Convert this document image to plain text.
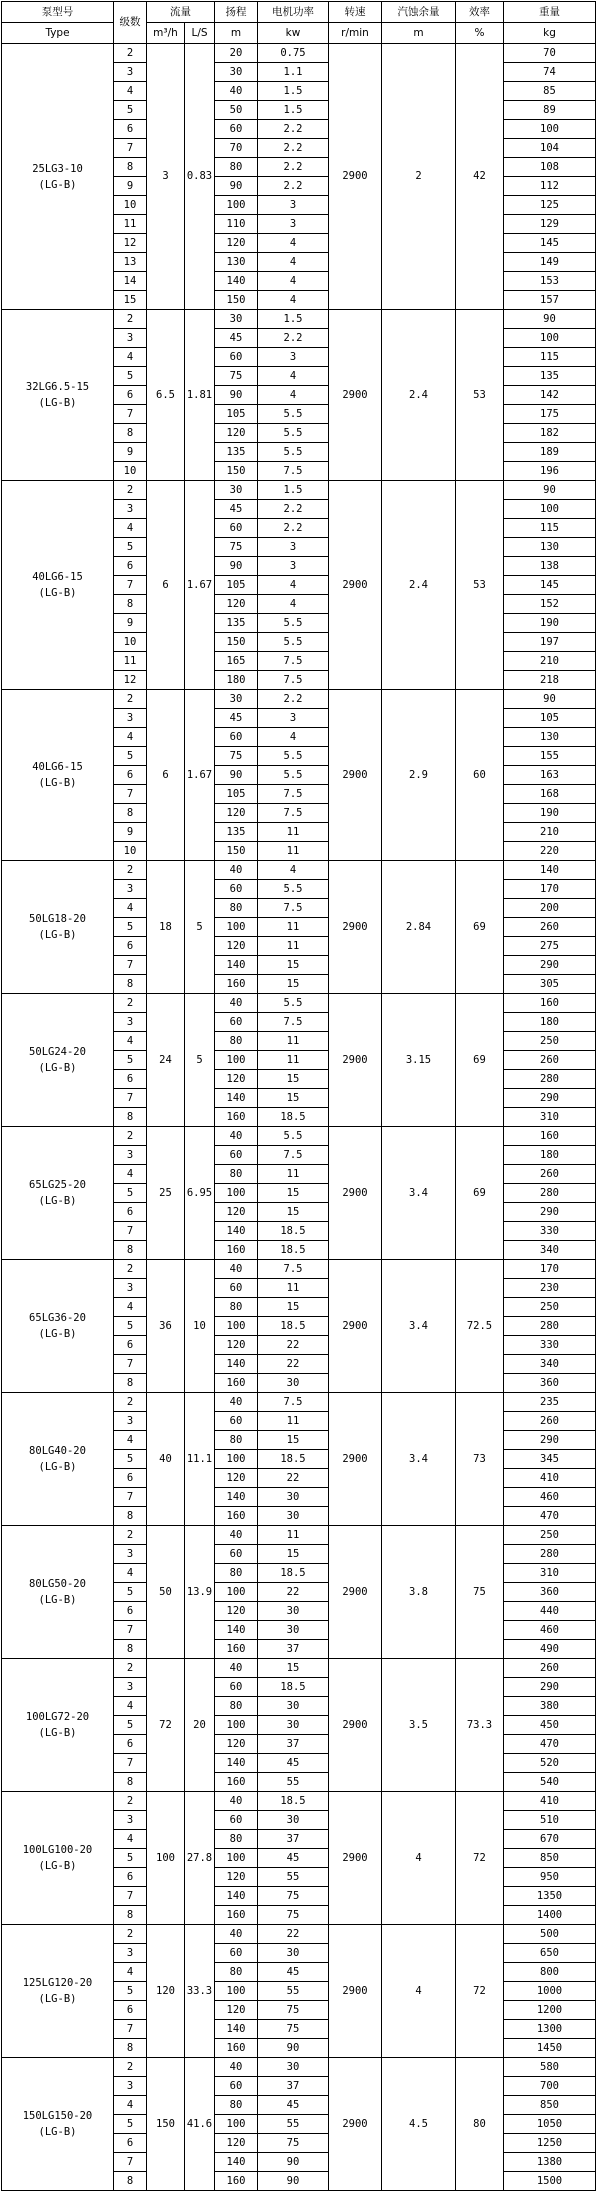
泵型号	级数	流量		扬程	电机功率	转速	汽蚀余量	效率	重量
Type		m³/h	L/S	m	kw	r/min	m	%	kg

25LG3-10
(LG-B)	2	3	0.83	20	0.75	2900	2	42	70
	3			30	1.1				74
	4			40	1.5				85
	5			50	1.5				89
	6			60	2.2				100
	7			70	2.2				104
	8			80	2.2				108
	9			90	2.2				112
	10			100	3				125
	11			110	3				129
	12			120	4				145
	13			130	4				149
	14			140	4				153
	15			150	4				157

32LG6.5-15
(LG-B)	2	6.5	1.81	30	1.5	2900	2.4	53	90
	3			45	2.2				100
	4			60	3				115
	5			75	4				135
	6			90	4				142
	7			105	5.5				175
	8			120	5.5				182
	9			135	5.5				189
	10			150	7.5				196

40LG6-15
(LG-B)	2	6	1.67	30	1.5	2900	2.4	53	90
	3			45	2.2				100
	4			60	2.2				115
	5			75	3				130
	6			90	3				138
	7			105	4				145
	8			120	4				152
	9			135	5.5				190
	10			150	5.5				197
	11			165	7.5				210
	12			180	7.5				218

40LG6-15
(LG-B)	2	6	1.67	30	2.2	2900	2.9	60	90
	3			45	3				105
	4			60	4				130
	5			75	5.5				155
	6			90	5.5				163
	7			105	7.5				168
	8			120	7.5				190
	9			135	11				210
	10			150	11				220

50LG18-20
(LG-B)	2	18	5	40	4	2900	2.84	69	140
	3			60	5.5				170
	4			80	7.5				200
	5			100	11				260
	6			120	11				275
	7			140	15				290
	8			160	15				305

50LG24-20
(LG-B)	2	24	5	40	5.5	2900	3.15	69	160
	3			60	7.5				180
	4			80	11				250
	5			100	11				260
	6			120	15				280
	7			140	15				290
	8			160	18.5				310

65LG25-20
(LG-B)	2	25	6.95	40	5.5	2900	3.4	69	160
	3			60	7.5				180
	4			80	11				260
	5			100	15				280
	6			120	15				290
	7			140	18.5				330
	8			160	18.5				340

65LG36-20
(LG-B)	2	36	10	40	7.5	2900	3.4	72.5	170
	3			60	11				230
	4			80	15				250
	5			100	18.5				280
	6			120	22				330
	7			140	22				340
	8			160	30				360

80LG40-20
(LG-B)	2	40	11.1	40	7.5	2900	3.4	73	235
	3			60	11				260
	4			80	15				290
	5			100	18.5				345
	6			120	22				410
	7			140	30				460
	8			160	30				470

80LG50-20
(LG-B)	2	50	13.9	40	11	2900	3.8	75	250
	3			60	15				280
	4			80	18.5				310
	5			100	22				360
	6			120	30				440
	7			140	30				460
	8			160	37				490

100LG72-20
(LG-B)	2	72	20	40	15	2900	3.5	73.3	260
	3			60	18.5				290
	4			80	30				380
	5			100	30				450
	6			120	37				470
	7			140	45				520
	8			160	55				540

100LG100-20
(LG-B)	2	100	27.8	40	18.5	2900	4	72	410
	3			60	30				510
	4			80	37				670
	5			100	45				850
	6			120	55				950
	7			140	75				1350
	8			160	75				1400

125LG120-20
(LG-B)	2	120	33.3	40	22	2900	4	72	500
	3			60	30				650
	4			80	45				800
	5			100	55				1000
	6			120	75				1200
	7			140	75				1300
	8			160	90				1450

150LG150-20
(LG-B)	2	150	41.6	40	30	2900	4.5	80	580
	3			60	37				700
	4			80	45				850
	5			100	55				1050
	6			120	75				1250
	7			140	90				1380
	8			160	90				1500
